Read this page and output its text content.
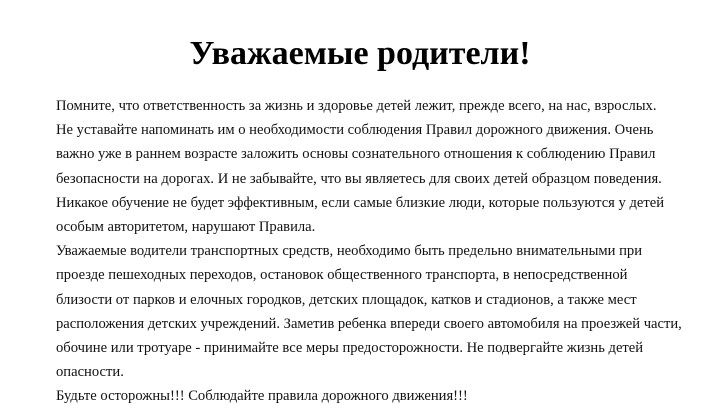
Уважаемые родители!

Помните, что ответственность за жизнь и здоровье детей лежит, прежде всего, на нас, взрослых.

Не уставайте напоминать им о необходимости соблюдения Правил дорожного движения. Очень важно уже в раннем возрасте заложить основы сознательного отношения к соблюдению Правил безопасности на дорогах. И не забывайте, что вы являетесь для своих детей образцом поведения. Никакое обучение не будет эффективным, если самые близкие люди, которые пользуются у детей особым авторитетом, нарушают Правила.

Уважаемые водители транспортных средств, необходимо быть предельно внимательными при проезде пешеходных переходов, остановок общественного транспорта, в непосредственной близости от парков и елочных городков, детских площадок, катков и стадионов, а также мест расположения детских учреждений. Заметив ребенка впереди своего автомобиля на проезжей части, обочине или тротуаре - принимайте все меры предосторожности. Не подвергайте жизнь детей опасности.

Будьте осторожны!!! Соблюдайте правила дорожного движения!!!
